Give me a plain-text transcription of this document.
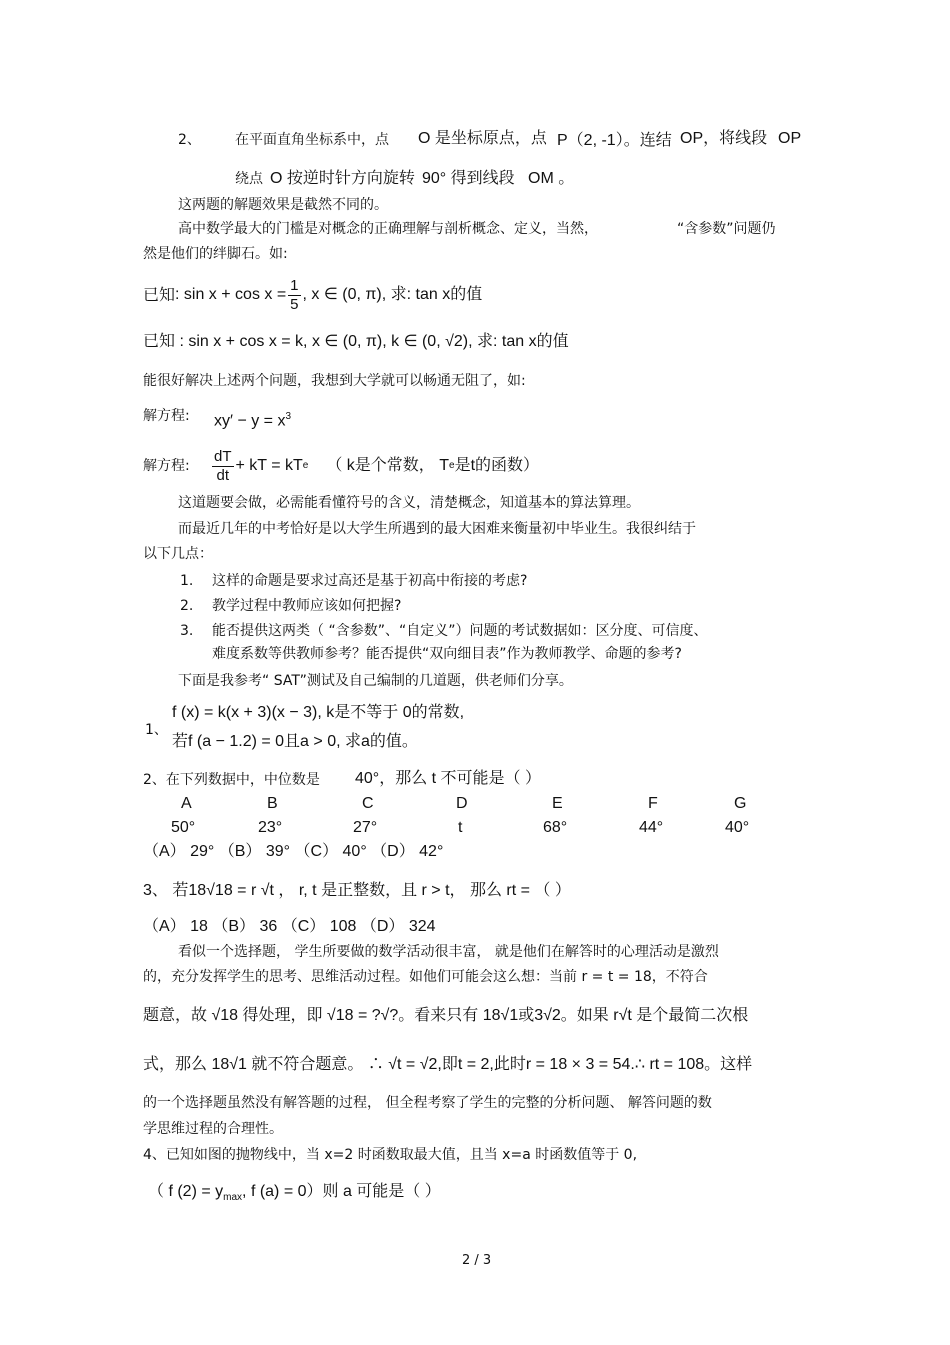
2、 在平面直角坐标系中，点 O 是坐标原点，点 P（2, -1）。连结 OP，将线段 OP
绕点 O 按逆时针方向旋转 90° 得到线段 OM 。
这两题的解题效果是截然不同的。
高中数学最大的门槛是对概念的正确理解与剖析概念、定义，当然，	“含参数”问题仍
然是他们的绊脚石。如:
已知 : $\sin x + \cos x = \frac{1}{5}$ , x ∈ (0, π), 求: tan x的值
已知 : sin x + cos x = k, x ∈ (0, π), k ∈ (0, √2), 求: tan x的值
能很好解决上述两个问题，我想到大学就可以畅通无阻了，如:
解方程: $xy' - y = x^3$
解方程: $\frac{dT}{dt}$ + kT = kT e （ k是个常数， T e 是t的函数）
这道题要会做，必需能看懂符号的含义，清楚概念，知道基本的算法算理。
而最近几年的中考恰好是以大学生所遇到的最大困难来衡量初中毕业生。我很纠结于
以下几点：
1. 这样的命题是要求过高还是基于初高中衔接的考虑?
2. 教学过程中教师应该如何把握?
3. 能否提供这两类（ “含参数”、“自定义”）问题的考试数据如：区分度、可信度、
难度系数等供教师参考？能否提供“双向细目表”作为教师教学、命题的参考?
下面是我参考“ SAT”测试及自己编制的几道题，供老师们分享。
1、
f (x) = k(x + 3)(x − 3), k是不等于 0的常数,
若f (a − 1.2) = 0且a > 0, 求a的值。
2、在下列数据中，中位数是 40°，那么 t 不可能是（ ）
A	B	C	D	E	F	G
50°	23°	27°	t	68°	44°	40°
（A） 29° （B） 39° （C） 40° （D） 42°
3、 若18√18 = r √t ， r, t 是正整数，且 r > t， 那么 rt = （ ）
（A） 18 （B） 36 （C） 108 （D） 324
看似一个选择题， 学生所要做的数学活动很丰富， 就是他们在解答时的心理活动是激烈
的，充分发挥学生的思考、思维活动过程。如他们可能会这么想：当前 r = t = 18，不符合
题意，故 √18 得处理，即 √18 = ?√?。看来只有 18√1或3√2。如果 r√t 是个最简二次根
式，那么 18√1 就不符合题意。 ∴ √t = √2,即t = 2,此时r = 18 × 3 = 54.∴ rt = 108。这样
的一个选择题虽然没有解答题的过程， 但全程考察了学生的完整的分析问题、 解答问题的数
学思维过程的合理性。
4、已知如图的抛物线中，当 x=2 时函数取最大值，且当 x=a 时函数值等于 0,
（ f $(2) = y_{max}$, f (a) = 0）则 a 可能是（ ）
2 / 3
